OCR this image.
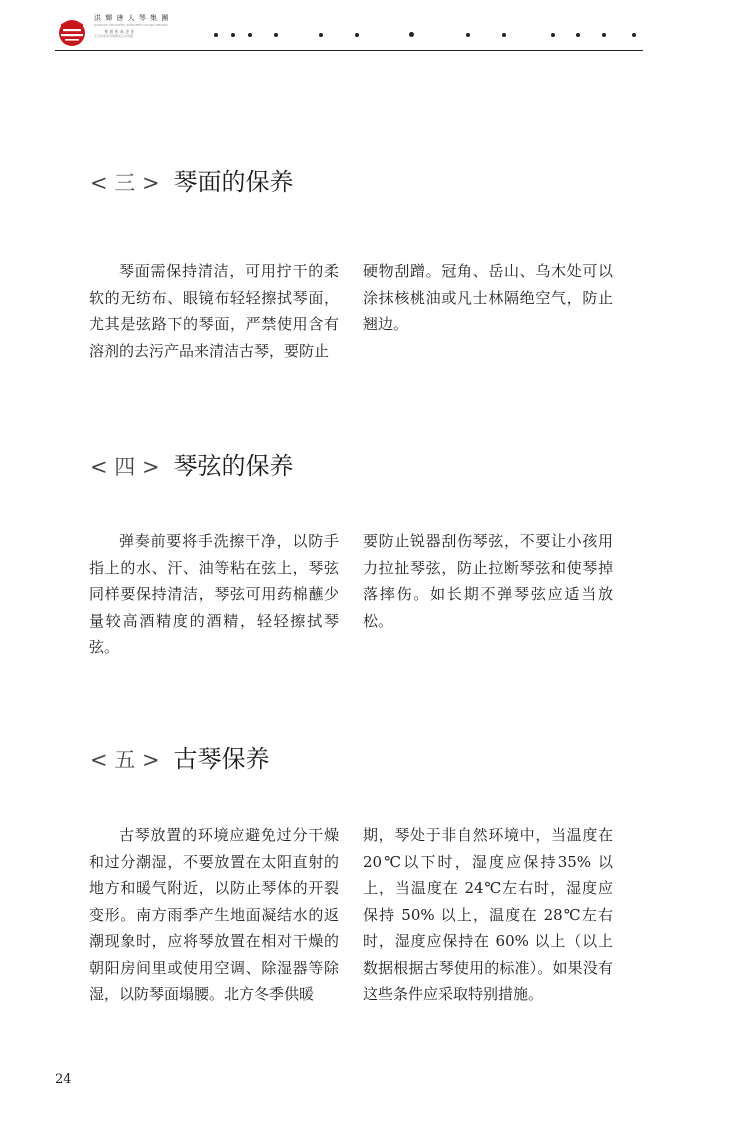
洪 輝 唐 人 琴 集 團
JIANGSU HONGHUI TANGREN GUQIN GROUP
琴 道 传 承 企 业
江苏省南京市建邺区江东中路
< 三 > 琴面的保养

琴面需保持清洁，可用拧干的柔软的无纺布、眼镜布轻轻擦拭琴面，尤其是弦路下的琴面，严禁使用含有溶剂的去污产品来清洁古琴，要防止

硬物刮蹭。冠角、岳山、乌木处可以涂抹核桃油或凡士林隔绝空气，防止翘边。

< 四 > 琴弦的保养

弹奏前要将手洗擦干净，以防手指上的水、汗、油等粘在弦上，琴弦同样要保持清洁，琴弦可用药棉蘸少量较高酒精度的酒精，轻轻擦拭琴弦。

要防止锐器刮伤琴弦，不要让小孩用力拉扯琴弦，防止拉断琴弦和使琴掉落摔伤。如长期不弹琴弦应适当放松。

< 五 > 古琴保养

古琴放置的环境应避免过分干燥和过分潮湿，不要放置在太阳直射的地方和暖气附近，以防止琴体的开裂变形。南方雨季产生地面凝结水的返潮现象时，应将琴放置在相对干燥的朝阳房间里或使用空调、除湿器等除湿，以防琴面塌腰。北方冬季供暖

期，琴处于非自然环境中，当温度在20℃以下时，湿度应保持35% 以上，当温度在 24℃左右时，湿度应保持 50% 以上，温度在 28℃左右时，湿度应保持在 60% 以上（以上数据根据古琴使用的标准）。如果没有这些条件应采取特别措施。

24
